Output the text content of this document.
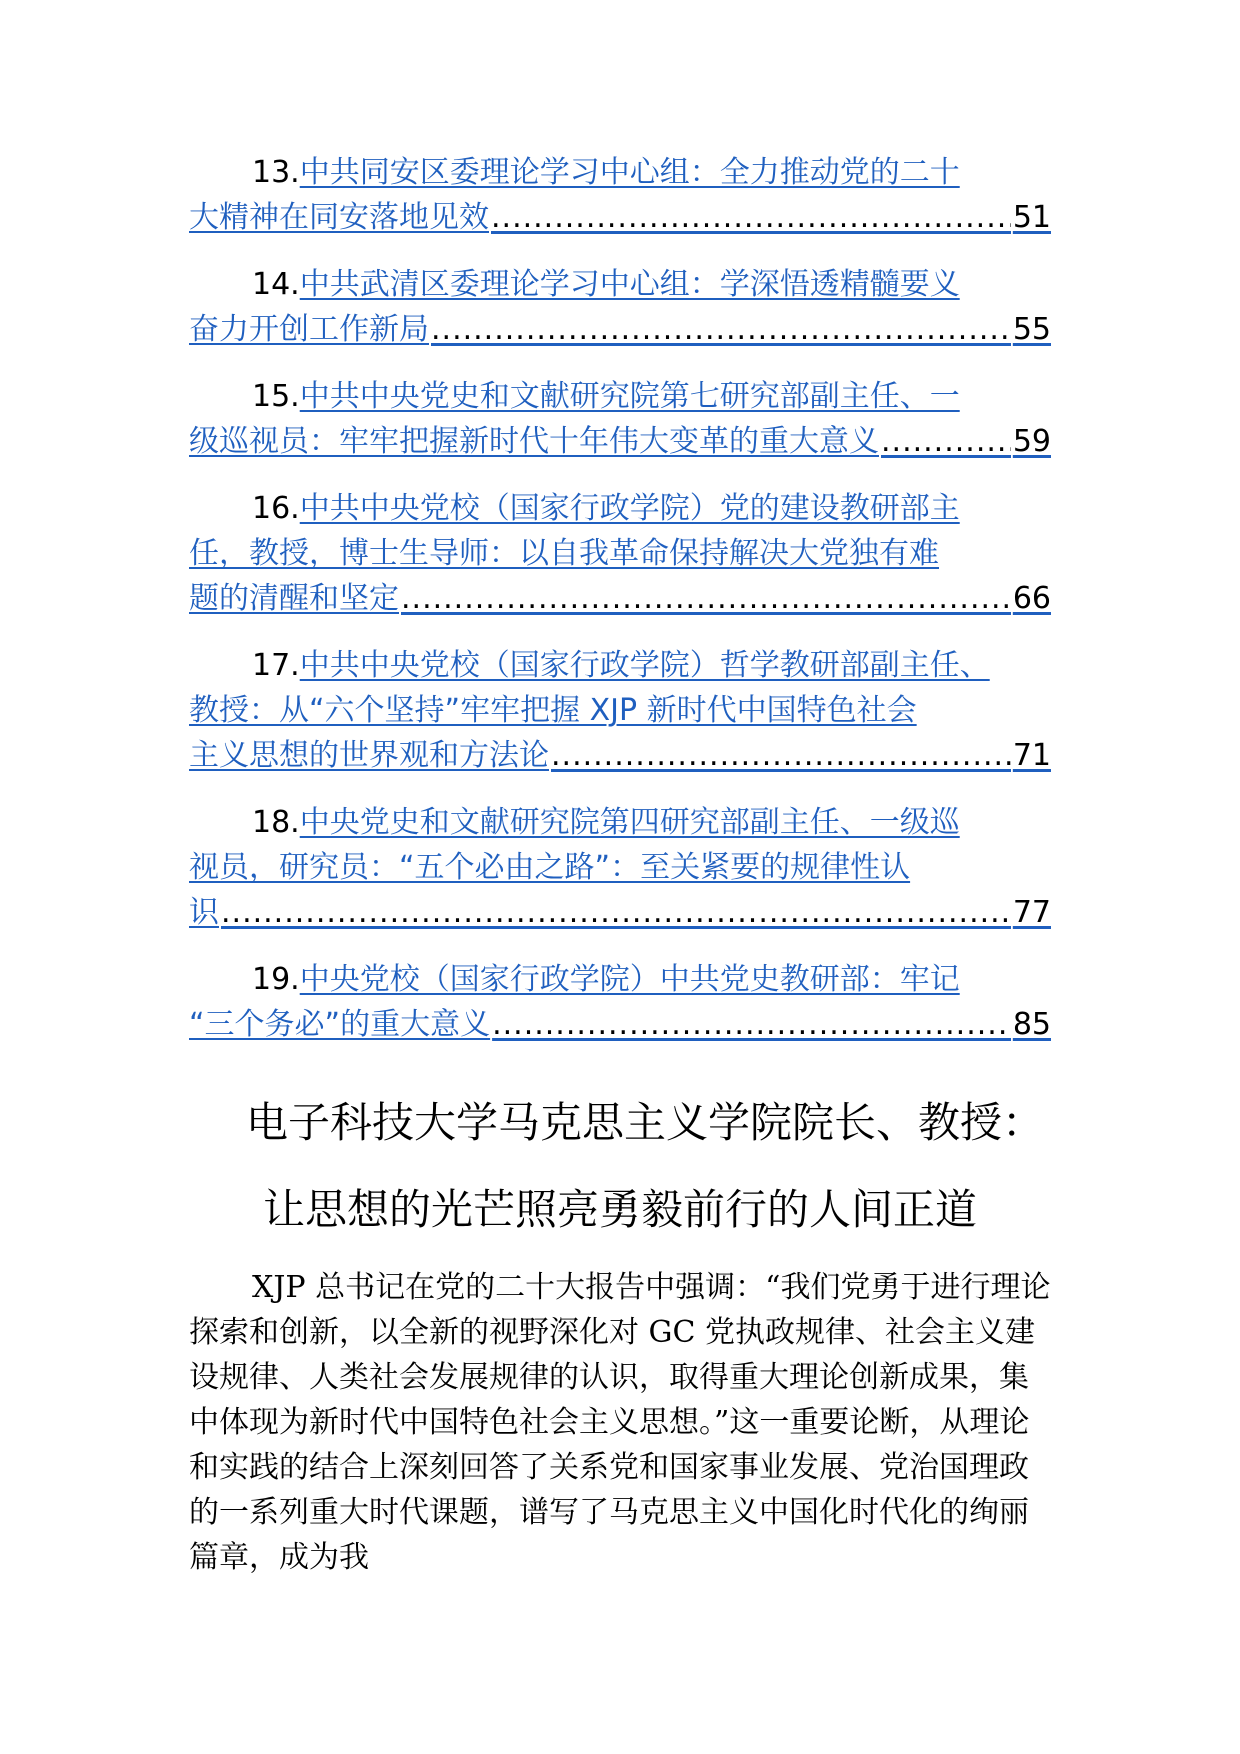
13. 中共同安区委理论学习中心组：全力推动党的二十
大精神在同安落地见效 .....	51
14. 中共武清区委理论学习中心组：学深悟透精髓要义
奋力开创工作新局 .....	55
15. 中共中央党史和文献研究院第七研究部副主任、一
级巡视员：牢牢把握新时代十年伟大变革的重大意义 .....	59
16. 中共中央党校（国家行政学院）党的建设教研部主
任，教授，博士生导师：以自我革命保持解决大党独有难
题的清醒和坚定 .....	66
17. 中共中央党校（国家行政学院）哲学教研部副主任、
教授：从“六个坚持”牢牢把握 XJP 新时代中国特色社会
主义思想的世界观和方法论 .....	71
18. 中央党史和文献研究院第四研究部副主任、一级巡
视员，研究员：“五个必由之路”：至关紧要的规律性认
识 .....	77
19. 中央党校（国家行政学院）中共党史教研部：牢记
“三个务必”的重大意义 .....	85
电子科技大学马克思主义学院院长、教授：
让思想的光芒照亮勇毅前行的人间正道
XJP 总书记在党的二十大报告中强调：“我们党勇于进行理论探索和创新，以全新的视野深化对 GC 党执政规律、社会主义建设规律、人类社会发展规律的认识，取得重大理论创新成果，集中体现为新时代中国特色社会主义思想。”这一重要论断，从理论和实践的结合上深刻回答了关系党和国家事业发展、党治国理政的一系列重大时代课题，谱写了马克思主义中国化时代化的绚丽篇章，成为我
